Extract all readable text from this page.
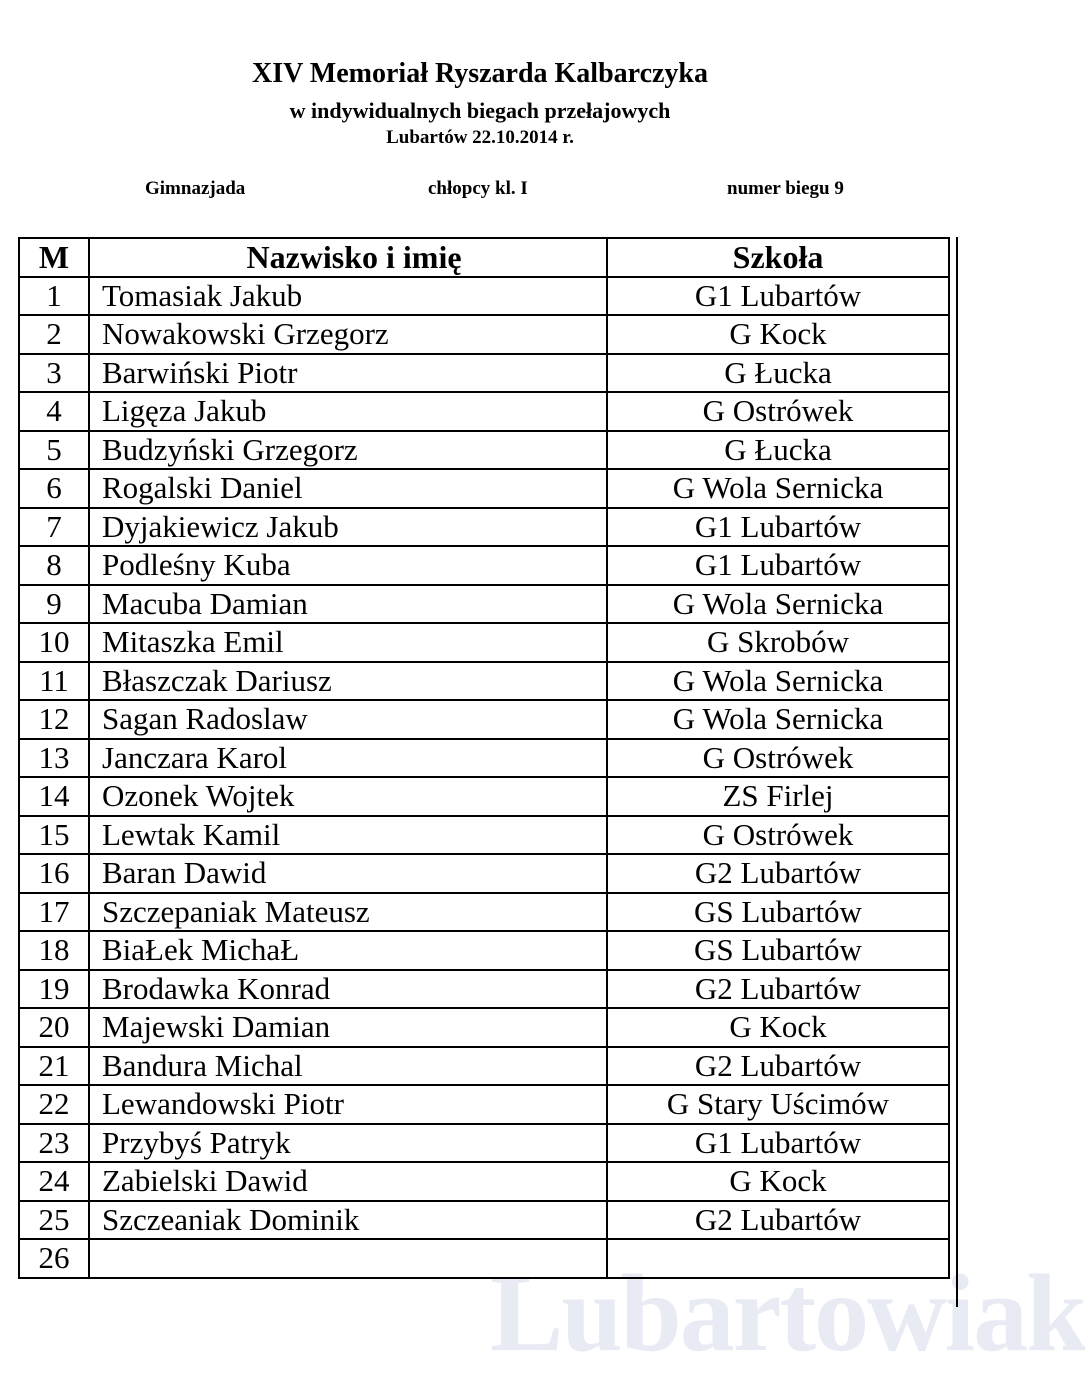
XIV Memoriał Ryszarda Kalbarczyka
w indywidualnych biegach przełajowych
Lubartów 22.10.2014 r.
Gimnazjada	chłopcy kl. I	numer biegu 9
Lubartowiak
M	Nazwisko i imię	Szkoła
1	Tomasiak Jakub	G1 Lubartów
2	Nowakowski Grzegorz	G Kock
3	Barwiński Piotr	G Łucka
4	Ligęza Jakub	G Ostrówek
5	Budzyński Grzegorz	G Łucka
6	Rogalski Daniel	G Wola Sernicka
7	Dyjakiewicz Jakub	G1 Lubartów
8	Podleśny Kuba	G1 Lubartów
9	Macuba Damian	G Wola Sernicka
10	Mitaszka Emil	G Skrobów
11	Błaszczak Dariusz	G Wola Sernicka
12	Sagan Radoslaw	G Wola Sernicka
13	Janczara Karol	G Ostrówek
14	Ozonek Wojtek	ZS Firlej
15	Lewtak Kamil	G Ostrówek
16	Baran Dawid	G2 Lubartów
17	Szczepaniak Mateusz	GS Lubartów
18	BiaŁek MichaŁ	GS Lubartów
19	Brodawka Konrad	G2 Lubartów
20	Majewski Damian	G Kock
21	Bandura Michal	G2 Lubartów
22	Lewandowski Piotr	G Stary Uścimów
23	Przybyś Patryk	G1 Lubartów
24	Zabielski Dawid	G Kock
25	Szczeaniak Dominik	G2 Lubartów
26		
